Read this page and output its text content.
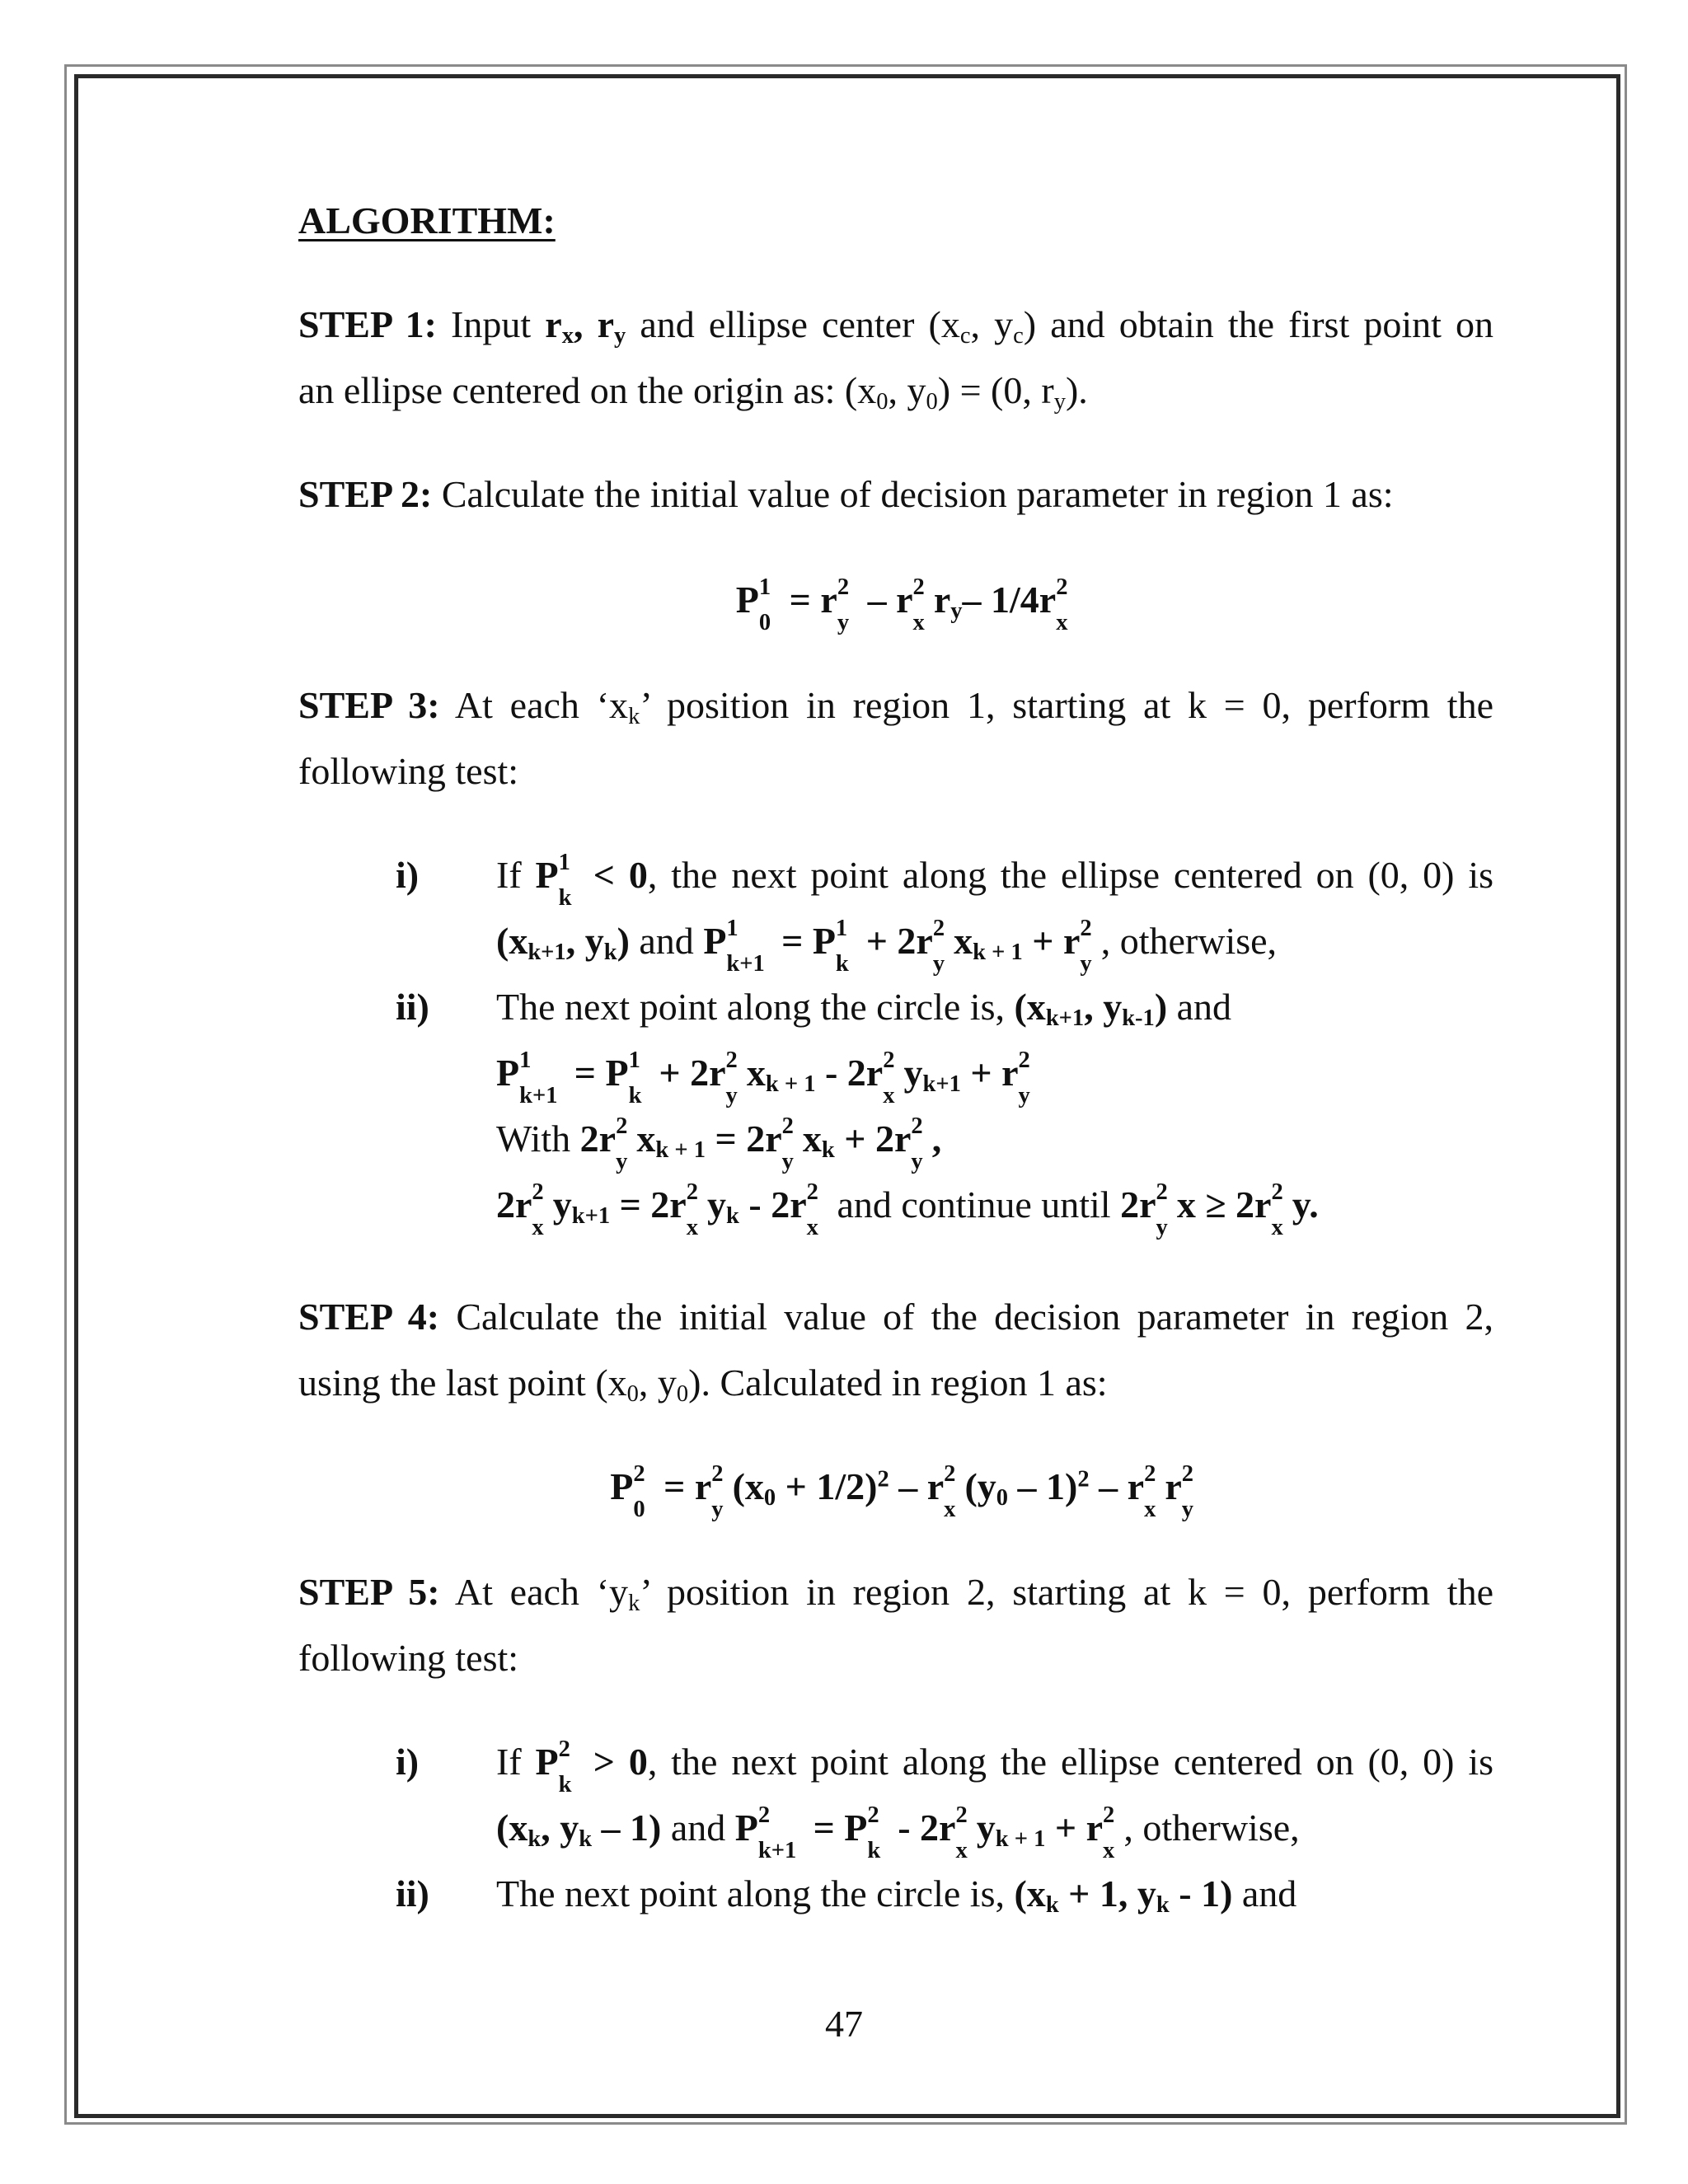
ALGORITHM:
STEP 1: Input $r_x$, $r_y$ and ellipse center ($x_c$, $y_c$) and obtain the first point on
an ellipse centered on the origin as: ($x_0$, $y_0) = (0$, $r_y$).
STEP 2: Calculate the initial value of decision parameter in region 1 as:
P 1
0
= r 2
y
– r 2
x
$r_y-$ 1/4r 2
x
STEP 3: At each ‘$x_k$’ position in region 1, starting at k = 0, perform the
following test:
i) If P 1
k
< 0, the next point along the ellipse centered on (0, 0) is
($x_{k+1}$, $y_k$) and P 1
k+1
= P 1
k
+ 2r 2
y
$x_{k + 1} + r$ 2
y
, otherwise,
ii) The next point along the circle is, ($x_{k+1}$, $y_{k-1}$) and
P 1
k+1
= P 1
k
+ 2r 2
y
$x_{k + 1} - 2r$ 2
x
$y_{k+1} + r$ 2
y
With 2r 2
y
$x_{k + 1} = 2r$ 2
y
$x_k + 2r$ 2
y
,
2r 2
x
$y_{k+1} = 2r$ 2
x
$y_k - 2r$ 2
x
and continue until 2r 2
y
x ≥ 2r 2
x
y.
STEP 4: Calculate the initial value of the decision parameter in region 2,
using the last point ($x_0$, $y_0$). Calculated in region 1 as:
P 2
0
= r 2
y
$(x_0 + 1/2)^2 - r$ 2
x
$(y_0 - 1)^2$ – r 2
x
r 2
y
STEP 5: At each ‘$y_k$’ position in region 2, starting at k = 0, perform the
following test:
i) If P 2
k
> 0, the next point along the ellipse centered on (0, 0) is
($x_k$, $y_k - 1$) and P 2
k+1
= P 2
k
- 2r 2
x
$y_{k + 1} + r$ 2
x
, otherwise,
ii) The next point along the circle is, ($x_k + 1$, $y_k - 1$) and
47
